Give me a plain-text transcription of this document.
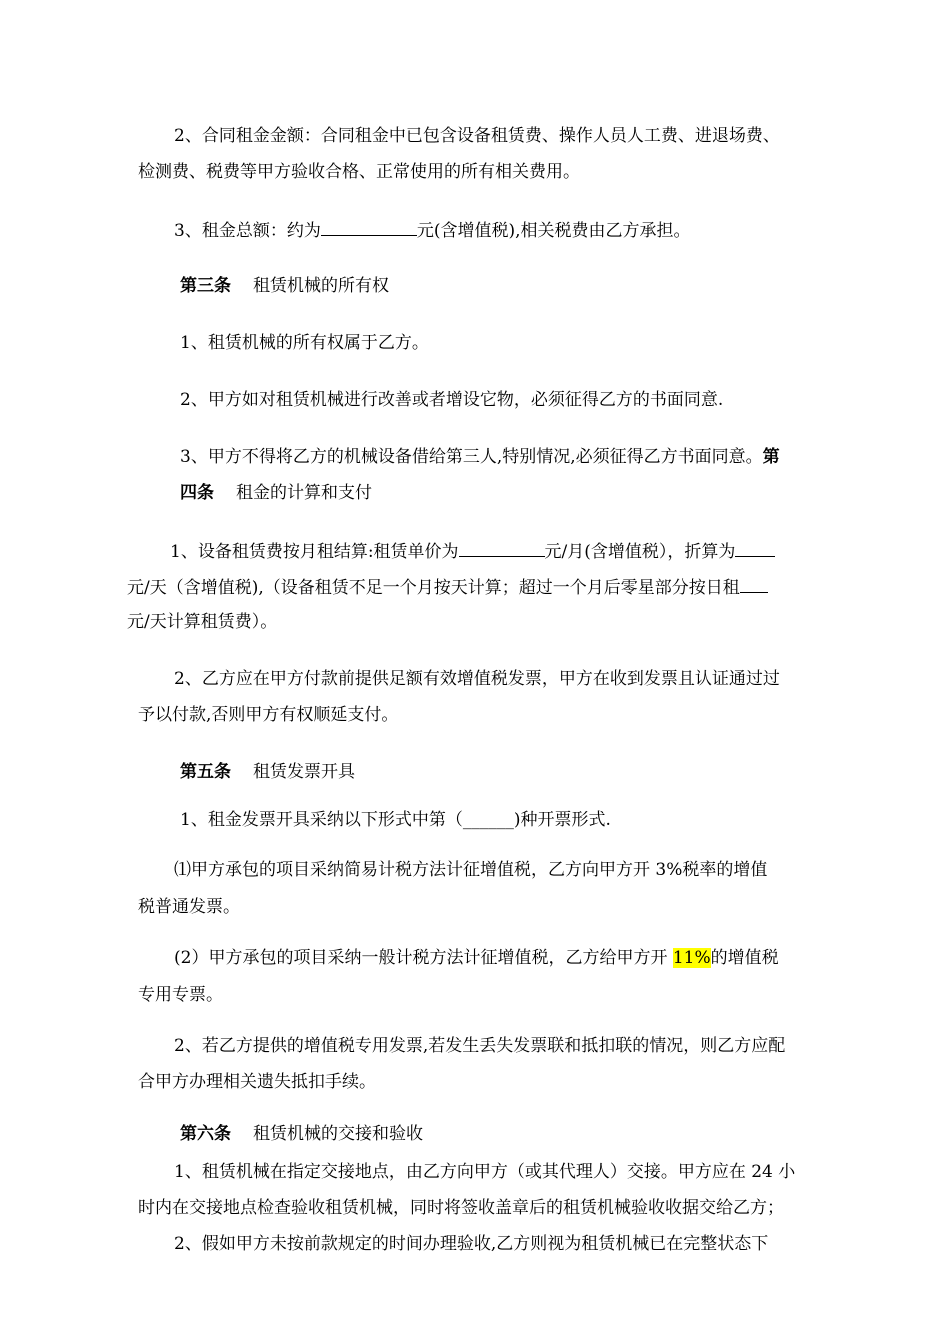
2、合同租金金额：合同租金中已包含设备租赁费、操作人员人工费、进退场费、
检测费、税费等甲方验收合格、正常使用的所有相关费用。
3、租金总额：约为	元(含增值税),相关税费由乙方承担。
第三条 租赁机械的所有权
1、租赁机械的所有权属于乙方。
2、甲方如对租赁机械进行改善或者增设它物，必须征得乙方的书面同意.
3、甲方不得将乙方的机械设备借给第三人,特别情况,必须征得乙方书面同意。第
四条 租金的计算和支付
1、设备租赁费按月租结算:租赁单价为	元/月(含增值税），折算为
元/天（含增值税),（设备租赁不足一个月按天计算；超过一个月后零星部分按日租
元/天计算租赁费）。
2、乙方应在甲方付款前提供足额有效增值税发票，甲方在收到发票且认证通过过
予以付款,否则甲方有权顺延支付。
第五条 租赁发票开具
1、租金发票开具采纳以下形式中第（______)种开票形式.
⑴甲方承包的项目采纳简易计税方法计征增值税，乙方向甲方开 3%税率的增值
税普通发票。
(2）甲方承包的项目采纳一般计税方法计征增值税，乙方给甲方开 11%的增值税
专用专票。
2、若乙方提供的增值税专用发票,若发生丢失发票联和抵扣联的情况，则乙方应配
合甲方办理相关遗失抵扣手续。
第六条 租赁机械的交接和验收
1、租赁机械在指定交接地点，由乙方向甲方（或其代理人）交接。甲方应在 24 小
时内在交接地点检查验收租赁机械，同时将签收盖章后的租赁机械验收收据交给乙方；
2、假如甲方未按前款规定的时间办理验收,乙方则视为租赁机械已在完整状态下
